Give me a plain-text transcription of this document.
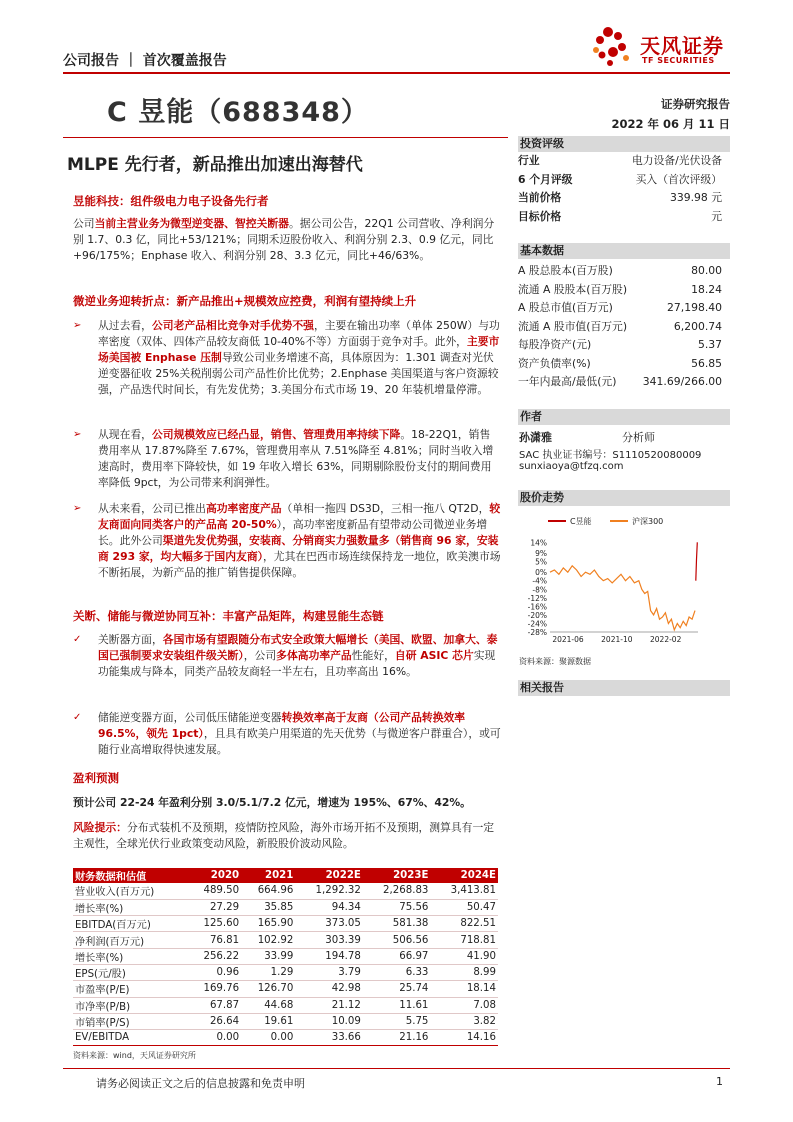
公司报告 ｜ 首次覆盖报告
天风证券
TF SECURITIES
C 昱能（688348）	证券研究报告
2022 年 06 月 11 日
MLPE 先行者，新品推出加速出海替代
昱能科技：组件级电力电子设备先行者
公司当前主营业务为微型逆变器、智控关断器。据公司公告，22Q1 公司营收、净利润分别 1.7、0.3 亿，同比+53/121%；同期禾迈股份收入、利润分别 2.3、0.9 亿元，同比+96/175%；Enphase 收入、利润分别 28、3.3 亿元，同比+46/63%。
微逆业务迎转折点：新产品推出+规模效应控费，利润有望持续上升
➢	从过去看，公司老产品相比竞争对手优势不强，主要在输出功率（单体 250W）与功率密度（双体、四体产品较友商低 10-40%不等）方面弱于竞争对手。此外，主要市场美国被 Enphase 压制导致公司业务增速不高，具体原因为：1.301 调查对光伏逆变器征收 25%关税削弱公司产品性价比优势；2.Enphase 美国渠道与客户资源较强，产品迭代时间长，有先发优势；3.美国分布式市场 19、20 年装机增量停滞。
➢	从现在看，公司规模效应已经凸显，销售、管理费用率持续下降。18-22Q1，销售费用率从 17.87%降至 7.67%，管理费用率从 7.51%降至 4.81%；同时当收入增速高时，费用率下降较快，如 19 年收入增长 63%，同期剔除股份支付的期间费用率降低 9pct，为公司带来利润弹性。
➢	从未来看，公司已推出高功率密度产品（单相一拖四 DS3D，三相一拖八 QT2D，较友商面向同类客户的产品高 20-50%），高功率密度新品有望带动公司微逆业务增长。此外公司渠道先发优势强，安装商、分销商实力强数量多（销售商 96 家，安装商 293 家，均大幅多于国内友商），尤其在巴西市场连续保持龙一地位，欧美澳市场不断拓展，为新产品的推广销售提供保障。
关断、储能与微逆协同互补：丰富产品矩阵，构建昱能生态链
✓	关断器方面，各国市场有望跟随分布式安全政策大幅增长（美国、欧盟、加拿大、泰国已强制要求安装组件级关断），公司多体高功率产品性能好，自研 ASIC 芯片实现功能集成与降本，同类产品较友商轻一半左右，且功率高出 16%。
✓	储能逆变器方面，公司低压储能逆变器转换效率高于友商（公司产品转换效率 96.5%，领先 1pct），且具有欧美户用渠道的先天优势（与微逆客户群重合），或可随行业高增取得快速发展。
盈利预测
预计公司 22-24 年盈利分别 3.0/5.1/7.2 亿元，增速为 195%、67%、42%。
风险提示：分布式装机不及预期，疫情防控风险，海外市场开拓不及预期，测算具有一定主观性，全球光伏行业政策变动风险，新股股价波动风险。
财务数据和估值	2020	2021	2022E	2023E	2024E
营业收入(百万元)	489.50	664.96	1,292.32	2,268.83	3,413.81
增长率(%)	27.29	35.85	94.34	75.56	50.47
EBITDA(百万元)	125.60	165.90	373.05	581.38	822.51
净利润(百万元)	76.81	102.92	303.39	506.56	718.81
增长率(%)	256.22	33.99	194.78	66.97	41.90
EPS(元/股)	0.96	1.29	3.79	6.33	8.99
市盈率(P/E)	169.76	126.70	42.98	25.74	18.14
市净率(P/B)	67.87	44.68	21.12	11.61	7.08
市销率(P/S)	26.64	19.61	10.09	5.75	3.82
EV/EBITDA	0.00	0.00	33.66	21.16	14.16
资料来源：wind，天风证券研究所
投资评级
行业	电力设备/光伏设备
6 个月评级	买入（首次评级）
当前价格	339.98 元
目标价格	元
基本数据
A 股总股本(百万股)	80.00
流通 A 股股本(百万股)	18.24
A 股总市值(百万元)	27,198.40
流通 A 股市值(百万元)	6,200.74
每股净资产(元)	5.37
资产负债率(%)	56.85
一年内最高/最低(元) 341.69/266.00
作者
孙潇雅	分析师
SAC 执业证书编号：S1110520080009
sunxiaoya@tfzq.com
股价走势
C昱能	沪深300
14%
9%
5%
0%
-4%
-8%
-12%
-16%
-20%
-24%
-28%
2021-06 2021-10 2022-02
资料来源：聚源数据
相关报告
请务必阅读正文之后的信息披露和免责申明	1
